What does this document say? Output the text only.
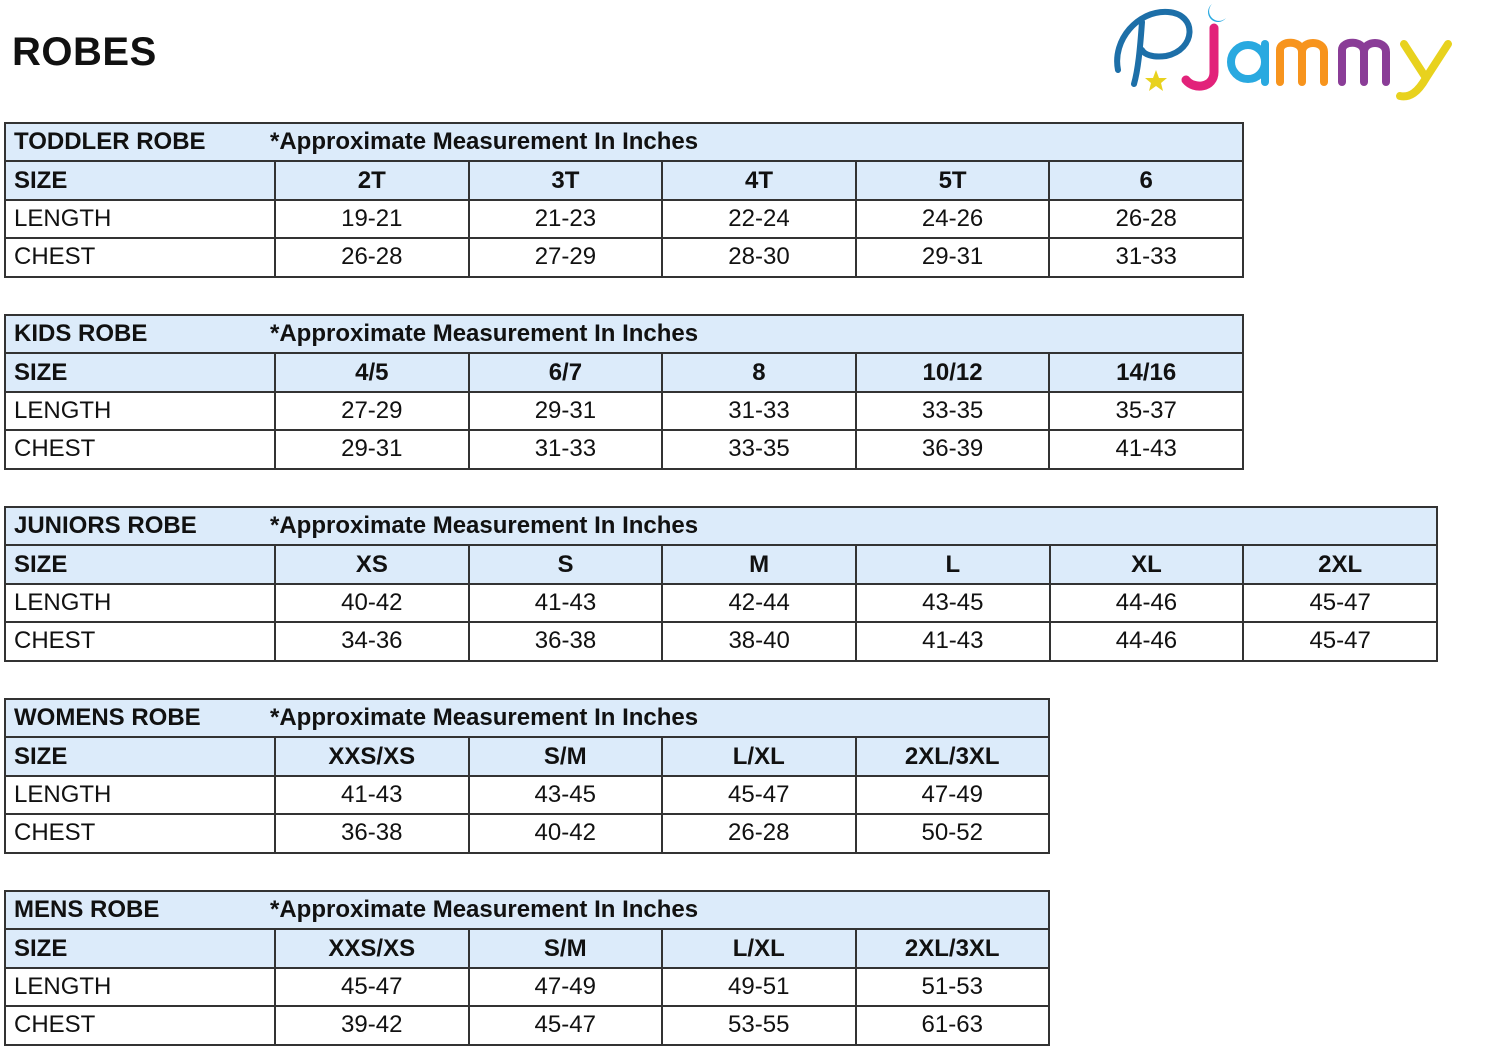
ROBES
TODDLER ROBE *Approximate Measurement In Inches					

SIZE	2T	3T	4T	5T	6
LENGTH	19-21	21-23	22-24	24-26	26-28
CHEST	26-28	27-29	28-30	29-31	31-33
KIDS ROBE *Approximate Measurement In Inches					

SIZE	4/5	6/7	8	10/12	14/16
LENGTH	27-29	29-31	31-33	33-35	35-37
CHEST	29-31	31-33	33-35	36-39	41-43
JUNIORS ROBE *Approximate Measurement In Inches						

SIZE	XS	S	M	L	XL	2XL
LENGTH	40-42	41-43	42-44	43-45	44-46	45-47
CHEST	34-36	36-38	38-40	41-43	44-46	45-47
WOMENS ROBE *Approximate Measurement In Inches				

SIZE	XXS/XS	S/M	L/XL	2XL/3XL
LENGTH	41-43	43-45	45-47	47-49
CHEST	36-38	40-42	26-28	50-52
MENS ROBE *Approximate Measurement In Inches				

SIZE	XXS/XS	S/M	L/XL	2XL/3XL
LENGTH	45-47	47-49	49-51	51-53
CHEST	39-42	45-47	53-55	61-63
